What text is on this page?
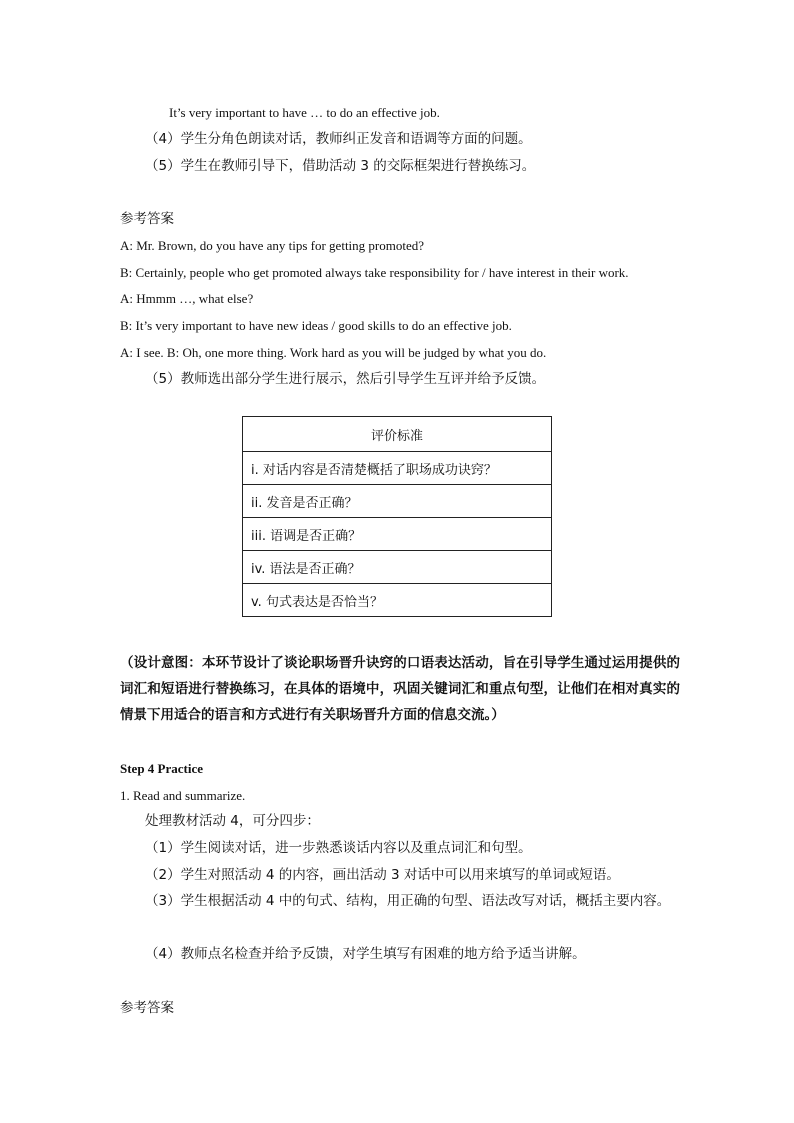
It’s very important to have … to do an effective job.
（4）学生分角色朗读对话，教师纠正发音和语调等方面的问题。
（5）学生在教师引导下，借助活动 3 的交际框架进行替换练习。
参考答案
A: Mr. Brown, do you have any tips for getting promoted?
B: Certainly, people who get promoted always take responsibility for / have interest in their work.
A: Hmmm …, what else?
B: It’s very important to have new ideas / good skills to do an effective job.
A: I see. B: Oh, one more thing. Work hard as you will be judged by what you do.
（5）教师选出部分学生进行展示，然后引导学生互评并给予反馈。
评价标准
i. 对话内容是否清楚概括了职场成功诀窍？
ii. 发音是否正确？
iii. 语调是否正确？
iv. 语法是否正确？
v. 句式表达是否恰当？
（设计意图：本环节设计了谈论职场晋升诀窍的口语表达活动，旨在引导学生通过运用提供的词汇和短语进行替换练习，在具体的语境中，巩固关键词汇和重点句型，让他们在相对真实的情景下用适合的语言和方式进行有关职场晋升方面的信息交流。）
Step 4 Practice
1. Read and summarize.
处理教材活动 4，可分四步：
（1）学生阅读对话，进一步熟悉谈话内容以及重点词汇和句型。
（2）学生对照活动 4 的内容，画出活动 3 对话中可以用来填写的单词或短语。
（3）学生根据活动 4 中的句式、结构，用正确的句型、语法改写对话，概括主要内容。
（4）教师点名检查并给予反馈，对学生填写有困难的地方给予适当讲解。
参考答案
